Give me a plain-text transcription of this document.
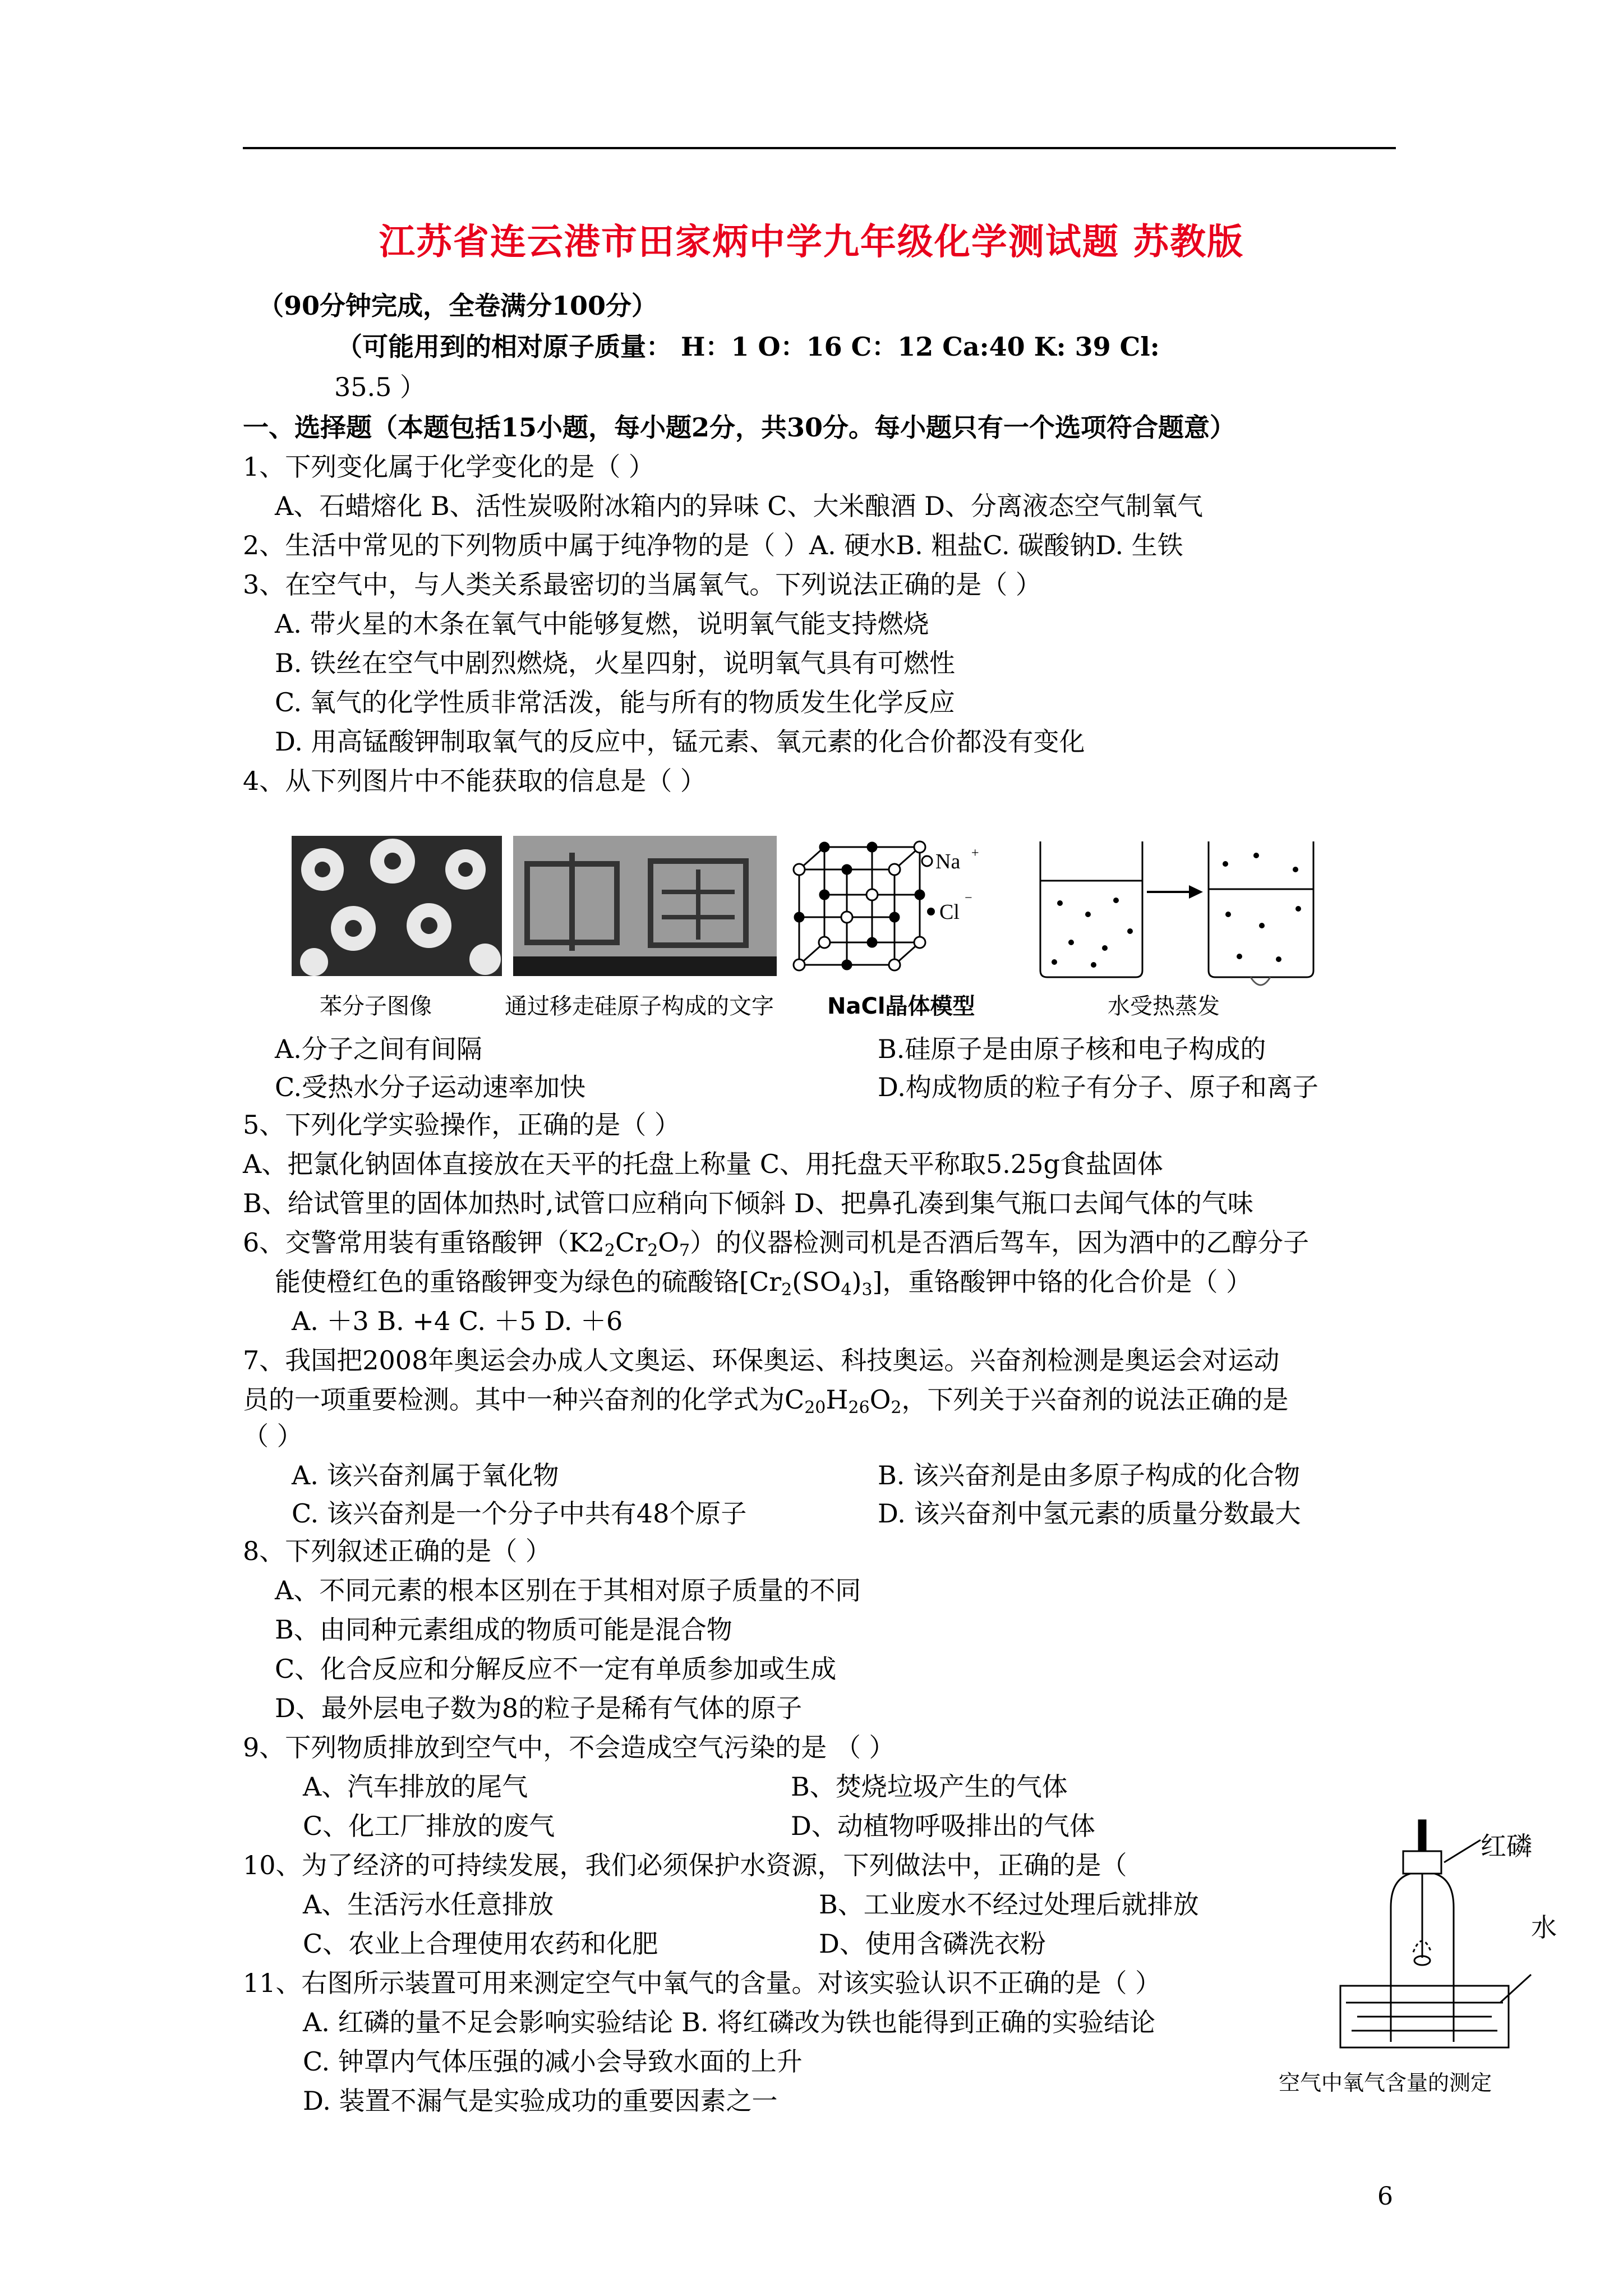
江苏省连云港市田家炳中学九年级化学测试题 苏教版
（90分钟完成，全卷满分100分）
（可能用到的相对原子质量： H：1 O：16 C：12 Ca:40 K: 39 Cl:
35.5 ）
一、选择题（本题包括15小题，每小题2分，共30分。每小题只有一个选项符合题意）
1、下列变化属于化学变化的是（ ）
A、石蜡熔化 B、活性炭吸附冰箱内的异味 C、大米酿酒 D、分离液态空气制氧气
2、生活中常见的下列物质中属于纯净物的是（ ）A. 硬水B. 粗盐C. 碳酸钠D. 生铁
3、在空气中，与人类关系最密切的当属氧气。下列说法正确的是（ ）
A. 带火星的木条在氧气中能够复燃，说明氧气能支持燃烧
B. 铁丝在空气中剧烈燃烧，火星四射，说明氧气具有可燃性
C. 氧气的化学性质非常活泼，能与所有的物质发生化学反应
D. 用高锰酸钾制取氧气的反应中，锰元素、氧元素的化合价都没有变化
4、从下列图片中不能获取的信息是（ ）
Na +
Cl
−
苯分子图像	通过移走硅原子构成的文字 NaCl晶体模型	水受热蒸发
A.分子之间有间隔	B.硅原子是由原子核和电子构成的
C.受热水分子运动速率加快	D.构成物质的粒子有分子、原子和离子
5、下列化学实验操作，正确的是（ ）
A、把氯化钠固体直接放在天平的托盘上称量 C、用托盘天平称取5.25g食盐固体
B、给试管里的固体加热时,试管口应稍向下倾斜 D、把鼻孔凑到集气瓶口去闻气体的气味
6、交警常用装有重铬酸钾$(K2_2Cr_2O_7)$的仪器检测司机是否酒后驾车，因为酒中的乙醇分子
能使橙红色的重铬酸钾变为绿色的硫酸铬$[Cr_2(SO_4)_3]$，重铬酸钾中铬的化合价是（ ）
A. ＋3 B. +4 C. ＋5 D. ＋6
7、我国把2008年奥运会办成人文奥运、环保奥运、科技奥运。兴奋剂检测是奥运会对运动
员的一项重要检测。其中一种兴奋剂的化学式为$C_{20}H_{26}O_2$，下列关于兴奋剂的说法正确的是
（ ）
A. 该兴奋剂属于氧化物	B. 该兴奋剂是由多原子构成的化合物
C. 该兴奋剂是一个分子中共有48个原子	D. 该兴奋剂中氢元素的质量分数最大
8、下列叙述正确的是（ ）
A、不同元素的根本区别在于其相对原子质量的不同
B、由同种元素组成的物质可能是混合物
C、化合反应和分解反应不一定有单质参加或生成
D、最外层电子数为8的粒子是稀有气体的原子
9、下列物质排放到空气中，不会造成空气污染的是 （ ）
A、汽车排放的尾气	B、焚烧垃圾产生的气体
C、化工厂排放的废气	D、动植物呼吸排出的气体
10、为了经济的可持续发展，我们必须保护水资源，下列做法中，正确的是（
A、生活污水任意排放	B、工业废水不经过处理后就排放
C、农业上合理使用农药和化肥	D、使用含磷洗衣粉
11、右图所示装置可用来测定空气中氧气的含量。对该实验认识不正确的是（ ）
A. 红磷的量不足会影响实验结论 B. 将红磷改为铁也能得到正确的实验结论
C. 钟罩内气体压强的减小会导致水面的上升
D. 装置不漏气是实验成功的重要因素之一
红磷
水
空气中氧气含量的测定
6
